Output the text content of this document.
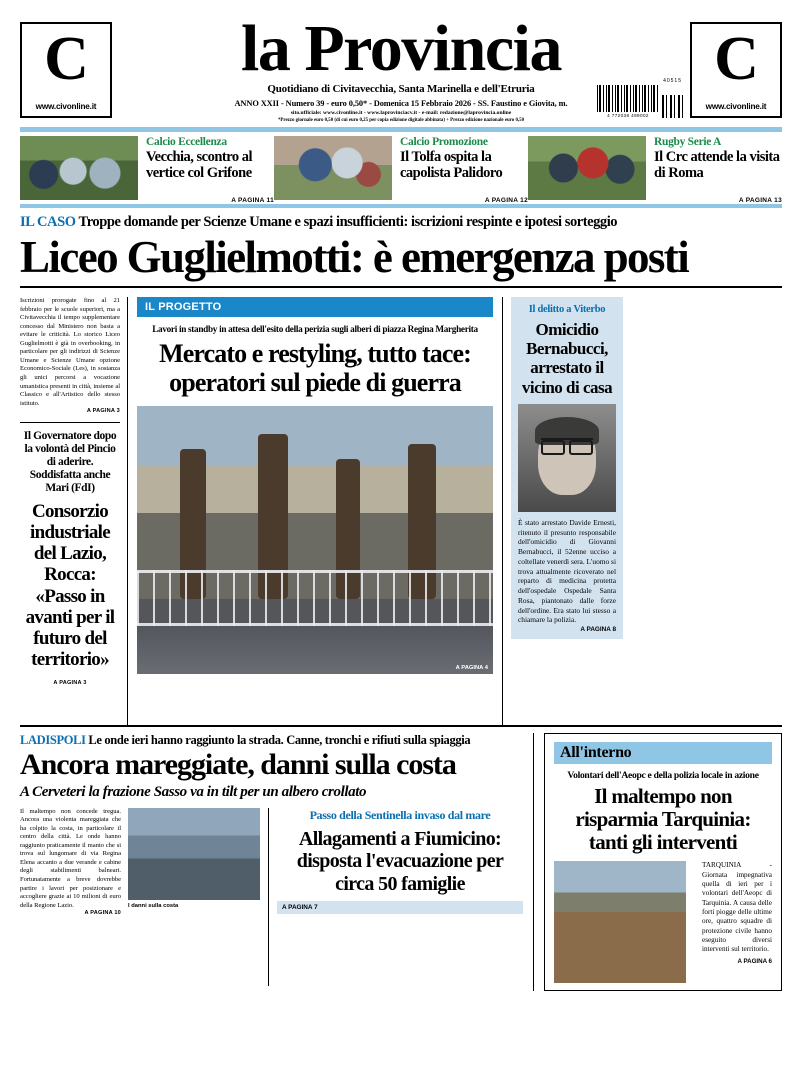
C
www.civonline.it
la Provincia
Quotidiano di Civitavecchia, Santa Marinella e dell'Etruria
ANNO XXII - Numero 39 - euro 0,50* - Domenica 15 Febbraio 2026 - SS. Faustino e Giovita, m.
sito.ufficiale: www.civonline.it - www.laprovinciacv.it - e-mail: redazione@laprovincia.online
*Prezzo giornale euro 0,50 (di cui euro 0,25 per copia edizione digitale abbinata) + Prezzo edizione nazionale euro 0,50
40515
4 772038 499002
C
www.civonline.it
Calcio Eccellenza
Vecchia, scontro al vertice col Grifone
A PAGINA 11
Calcio Promozione
Il Tolfa ospita la capolista Palidoro
A PAGINA 12
Rugby Serie A
Il Crc attende la visita di Roma
A PAGINA 13
IL CASO Troppe domande per Scienze Umane e spazi insufficienti: iscrizioni respinte e ipotesi sorteggio
Liceo Guglielmotti: è emergenza posti
Iscrizioni prorogate fino al 21 febbraio per le scuole superiori, ma a Civitavecchia il tempo supplementare concesso dal Ministero non basta a evitare le criticità. Lo storico Liceo Guglielmotti è già in overbooking, in particolare per gli indirizzi di Scienze Umane e Scienze Umane opzione Economico-Sociale (Les), in sostanza gli unici percorsi a vocazione umanistica presenti in città, insieme al Classico e all'Artistico dello stesso istituto.
A PAGINA 3
Il Governatore dopo la volontà del Pincio di aderire. Soddisfatta anche Mari (FdI)
Consorzio industriale del Lazio, Rocca: «Passo in avanti per il futuro del territorio»
A PAGINA 3
IL PROGETTO
Lavori in standby in attesa dell'esito della perizia sugli alberi di piazza Regina Margherita
Mercato e restyling, tutto tace: operatori sul piede di guerra
A PAGINA 4
Il delitto a Viterbo
Omicidio Bernabucci, arrestato il vicino di casa
È stato arrestato Davide Ernesti, ritenuto il presunto responsabile dell'omicidio di Giovanni Bernabucci, il 52enne ucciso a coltellate venerdì sera. L'uomo si trova attualmente ricoverato nel reparto di medicina protetta dell'ospedale Ospedale Santa Rosa, piantonato dalle forze dell'ordine. Era stato lui stesso a chiamare la polizia.
A PAGINA 8
LADISPOLI Le onde ieri hanno raggiunto la strada. Canne, tronchi e rifiuti sulla spiaggia
Ancora mareggiate, danni sulla costa
A Cerveteri la frazione Sasso va in tilt per un albero crollato
Il maltempo non concede tregua. Ancora una violenta mareggiata che ha colpito la costa, in particolare il centro della città. Le onde hanno raggiunto praticamente il manto che si trova sul lungomare di via Regina Elena accanto a due verande e cabine degli stabilimenti balneari. Fortunatamente a breve dovrebbe partire i lavori per posizionare e accogliere grazie ai 10 milioni di euro della Regione Lazio.
A PAGINA 10
I danni sulla costa
Passo della Sentinella invaso dal mare
Allagamenti a Fiumicino: disposta l'evacuazione per circa 50 famiglie
A PAGINA 7
All'interno
Volontari dell'Aeopc e della polizia locale in azione
Il maltempo non risparmia Tarquinia: tanti gli interventi
TARQUINIA - Giornata impegnativa quella di ieri per i volontari dell'Aeopc di Tarquinia. A causa delle forti piogge delle ultime ore, quattro squadre di protezione civile hanno eseguito diversi interventi sul territorio.
A PAGINA 6
